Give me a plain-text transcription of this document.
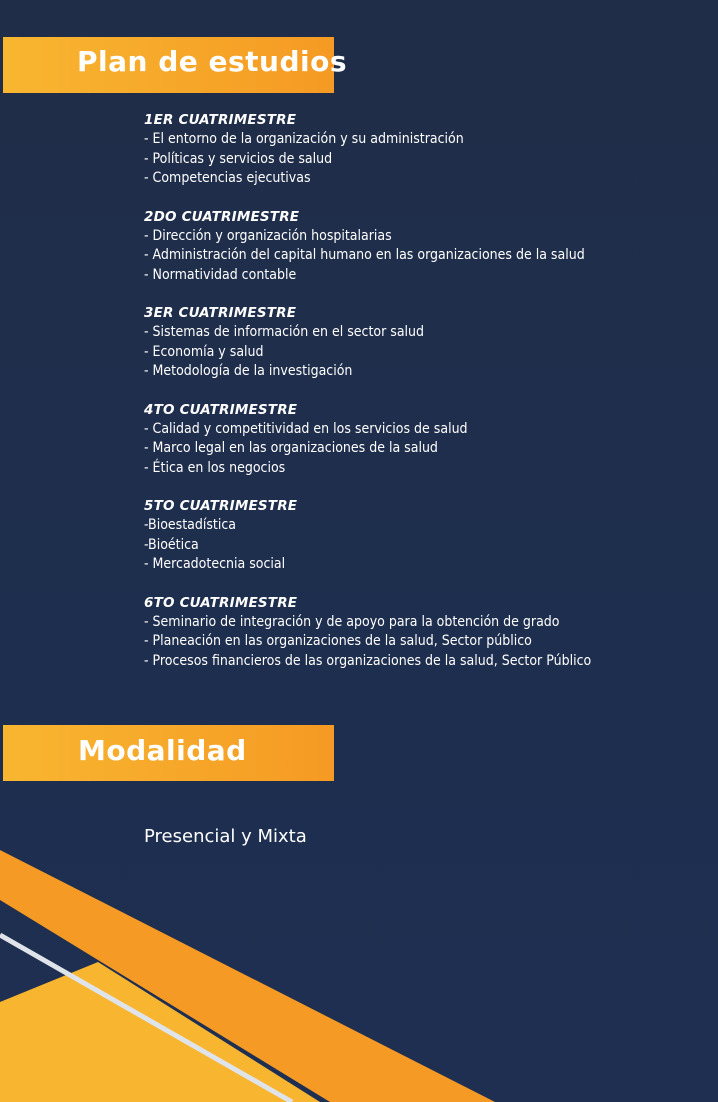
Plan de estudios
1ER CUATRIMESTRE
- El entorno de la organización y su administración
- Políticas y servicios de salud
- Competencias ejecutivas
2DO CUATRIMESTRE
- Dirección y organización hospitalarias
- Administración del capital humano en las organizaciones de la salud
- Normatividad contable
3ER CUATRIMESTRE
- Sistemas de información en el sector salud
- Economía y salud
- Metodología de la investigación
4TO CUATRIMESTRE
- Calidad y competitividad en los servicios de salud
- Marco legal en las organizaciones de la salud
- Ética en los negocios
5TO CUATRIMESTRE
-Bioestadística
-Bioética
- Mercadotecnia social
6TO CUATRIMESTRE
- Seminario de integración y de apoyo para la obtención de grado
- Planeación en las organizaciones de la salud, Sector público
- Procesos financieros de las organizaciones de la salud, Sector Público
Modalidad
Presencial y Mixta
